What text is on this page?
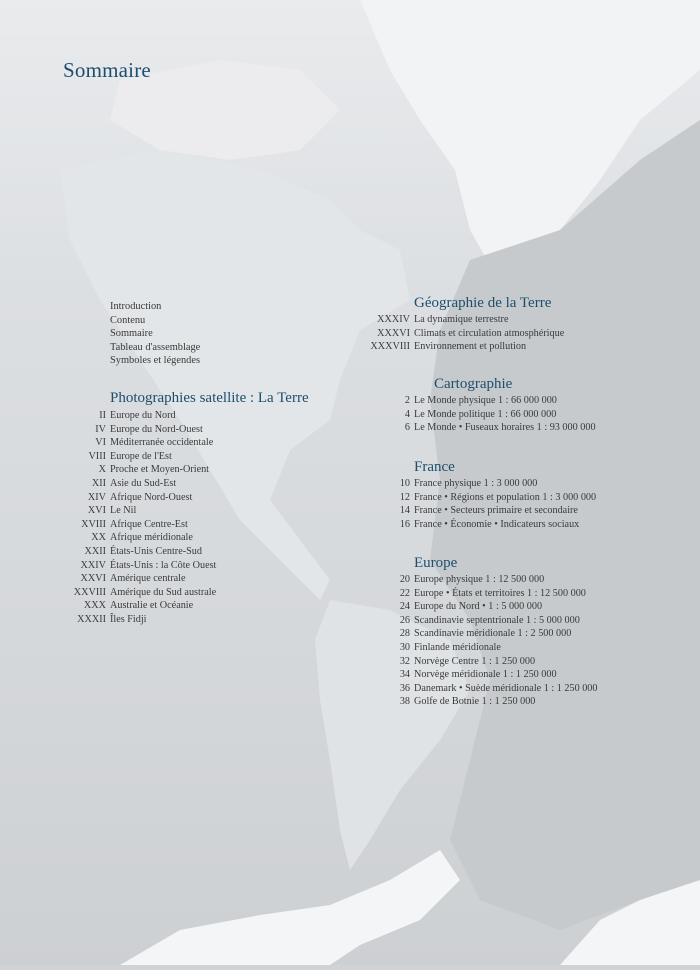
Sommaire
Introduction
Contenu
Sommaire
Tableau d'assemblage
Symboles et légendes
Photographies satellite : La Terre
II Europe du Nord
IV Europe du Nord-Ouest
VI Méditerranée occidentale
VIII Europe de l'Est
X Proche et Moyen-Orient
XII Asie du Sud-Est
XIV Afrique Nord-Ouest
XVI Le Nil
XVIII Afrique Centre-Est
XX Afrique méridionale
XXII États-Unis Centre-Sud
XXIV États-Unis : la Côte Ouest
XXVI Amérique centrale
XXVIII Amérique du Sud australe
XXX Australie et Océanie
XXXII Îles Fidji
Géographie de la Terre
XXXIV La dynamique terrestre
XXXVI Climats et circulation atmosphérique
XXXVIII Environnement et pollution
Cartographie
2 Le Monde physique 1 : 66 000 000
4 Le Monde politique 1 : 66 000 000
6 Le Monde • Fuseaux horaires 1 : 93 000 000
France
10 France physique 1 : 3 000 000
12 France • Régions et population 1 : 3 000 000
14 France • Secteurs primaire et secondaire
16 France • Économie • Indicateurs sociaux
Europe
20 Europe physique 1 : 12 500 000
22 Europe • États et territoires 1 : 12 500 000
24 Europe du Nord • 1 : 5 000 000
26 Scandinavie septentrionale 1 : 5 000 000
28 Scandinavie méridionale 1 : 2 500 000
30 Finlande méridionale
32 Norvège Centre 1 : 1 250 000
34 Norvège méridionale 1 : 1 250 000
36 Danemark • Suède méridionale 1 : 1 250 000
38 Golfe de Botnie 1 : 1 250 000
